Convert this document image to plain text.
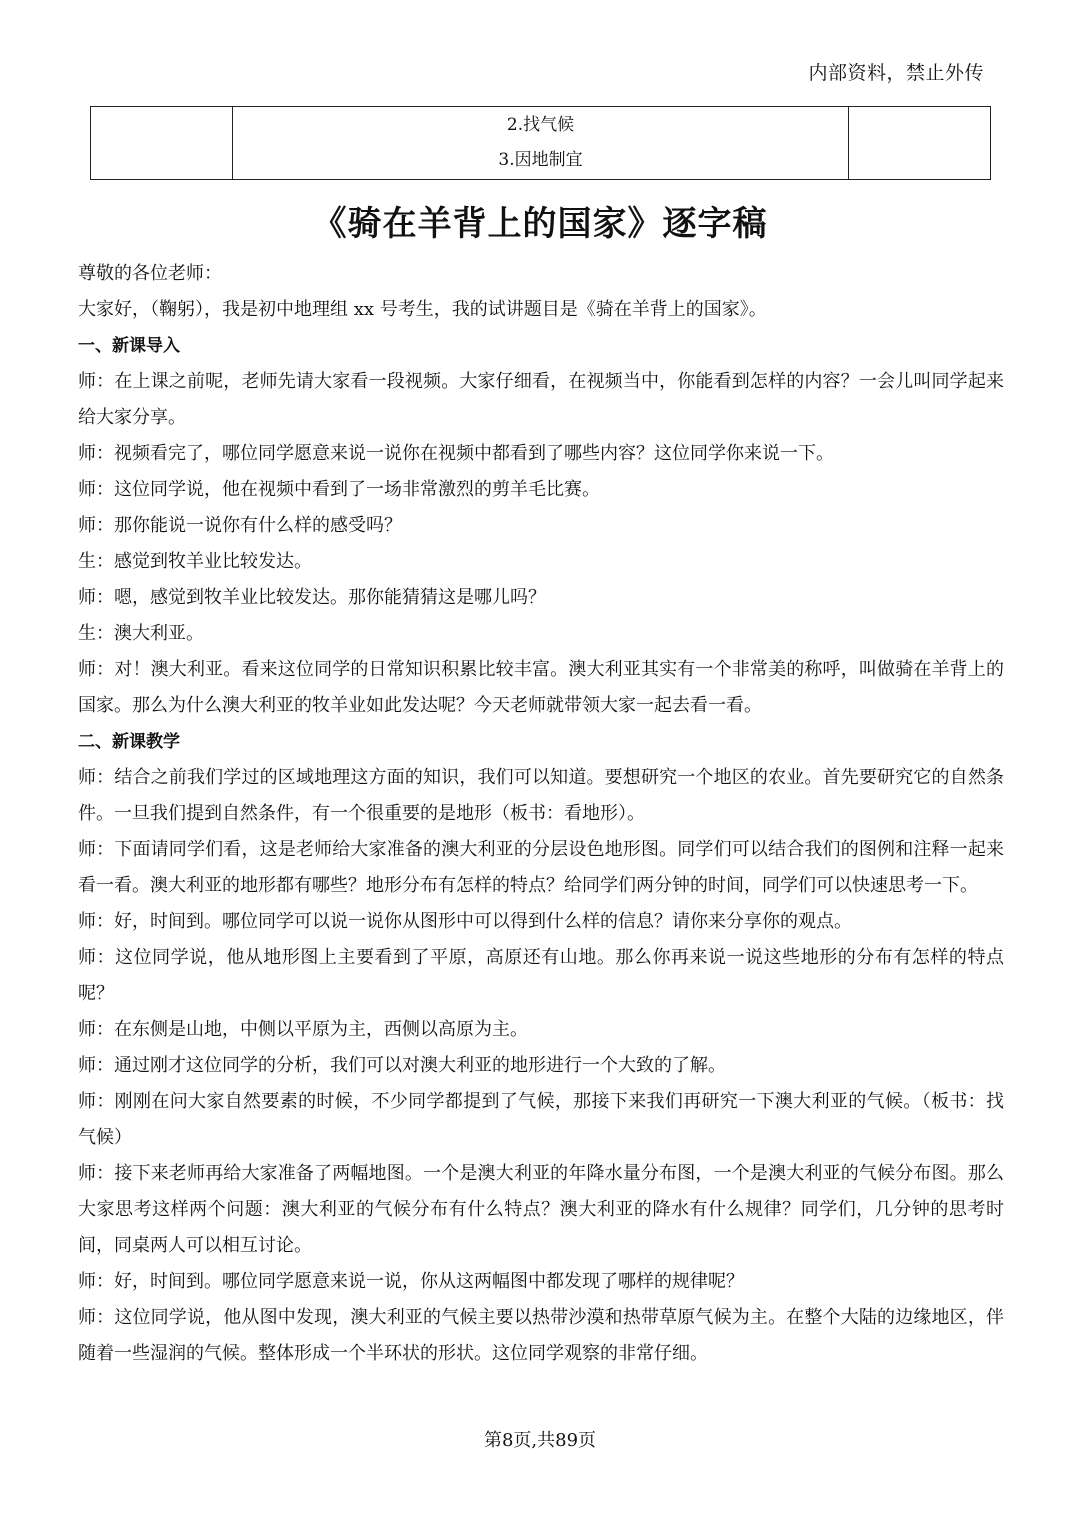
内部资料，禁止外传
2.找气候
3.因地制宜
《骑在羊背上的国家》逐字稿

尊敬的各位老师：

大家好，（鞠躬），我是初中地理组 xx 号考生，我的试讲题目是《骑在羊背上的国家》。

一、新课导入

师：在上课之前呢，老师先请大家看一段视频。大家仔细看，在视频当中，你能看到怎样的内容？一会儿叫同学起来给大家分享。

师：视频看完了，哪位同学愿意来说一说你在视频中都看到了哪些内容？这位同学你来说一下。

师：这位同学说，他在视频中看到了一场非常激烈的剪羊毛比赛。

师：那你能说一说你有什么样的感受吗？

生：感觉到牧羊业比较发达。

师：嗯，感觉到牧羊业比较发达。那你能猜猜这是哪儿吗？

生：澳大利亚。

师：对！澳大利亚。看来这位同学的日常知识积累比较丰富。澳大利亚其实有一个非常美的称呼，叫做骑在羊背上的国家。那么为什么澳大利亚的牧羊业如此发达呢？今天老师就带领大家一起去看一看。

二、新课教学

师：结合之前我们学过的区域地理这方面的知识，我们可以知道。要想研究一个地区的农业。首先要研究它的自然条件。一旦我们提到自然条件，有一个很重要的是地形（板书：看地形）。

师：下面请同学们看，这是老师给大家准备的澳大利亚的分层设色地形图。同学们可以结合我们的图例和注释一起来看一看。澳大利亚的地形都有哪些？地形分布有怎样的特点？给同学们两分钟的时间，同学们可以快速思考一下。

师：好，时间到。哪位同学可以说一说你从图形中可以得到什么样的信息？请你来分享你的观点。

师：这位同学说，他从地形图上主要看到了平原，高原还有山地。那么你再来说一说这些地形的分布有怎样的特点呢？

师：在东侧是山地，中侧以平原为主，西侧以高原为主。

师：通过刚才这位同学的分析，我们可以对澳大利亚的地形进行一个大致的了解。

师：刚刚在问大家自然要素的时候，不少同学都提到了气候，那接下来我们再研究一下澳大利亚的气候。（板书：找气候）

师：接下来老师再给大家准备了两幅地图。一个是澳大利亚的年降水量分布图，一个是澳大利亚的气候分布图。那么大家思考这样两个问题：澳大利亚的气候分布有什么特点？澳大利亚的降水有什么规律？同学们，几分钟的思考时间，同桌两人可以相互讨论。

师：好，时间到。哪位同学愿意来说一说，你从这两幅图中都发现了哪样的规律呢？

师：这位同学说，他从图中发现，澳大利亚的气候主要以热带沙漠和热带草原气候为主。在整个大陆的边缘地区，伴随着一些湿润的气候。整体形成一个半环状的形状。这位同学观察的非常仔细。

第8页,共89页
